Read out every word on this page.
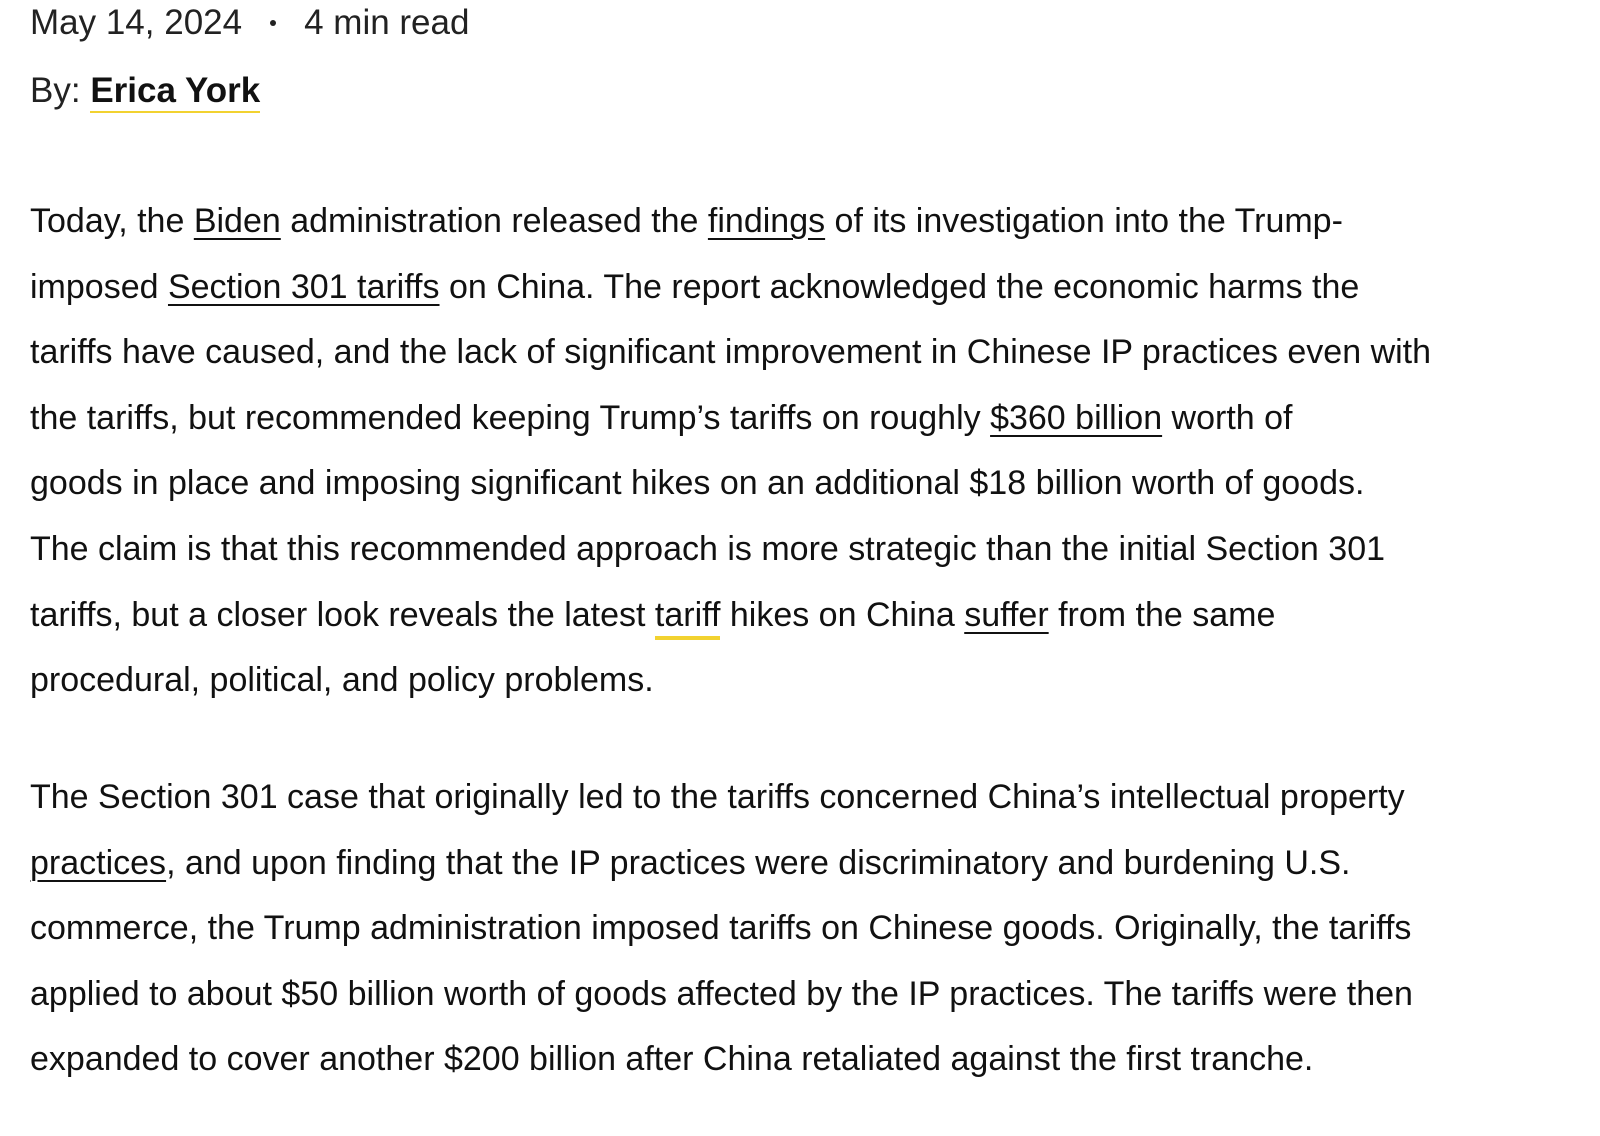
May 14, 2024 4 min read
By: Erica York
Today, the Biden administration released the findings of its investigation into the Trump-
imposed Section 301 tariffs on China. The report acknowledged the economic harms the
tariffs have caused, and the lack of significant improvement in Chinese IP practices even with
the tariffs, but recommended keeping Trump’s tariffs on roughly $360 billion worth of
goods in place and imposing significant hikes on an additional $18 billion worth of goods.
The claim is that this recommended approach is more strategic than the initial Section 301
tariffs, but a closer look reveals the latest tariff hikes on China suffer from the same
procedural, political, and policy problems.
The Section 301 case that originally led to the tariffs concerned China’s intellectual property
practices, and upon finding that the IP practices were discriminatory and burdening U.S.
commerce, the Trump administration imposed tariffs on Chinese goods. Originally, the tariffs
applied to about $50 billion worth of goods affected by the IP practices. The tariffs were then
expanded to cover another $200 billion after China retaliated against the first tranche.
